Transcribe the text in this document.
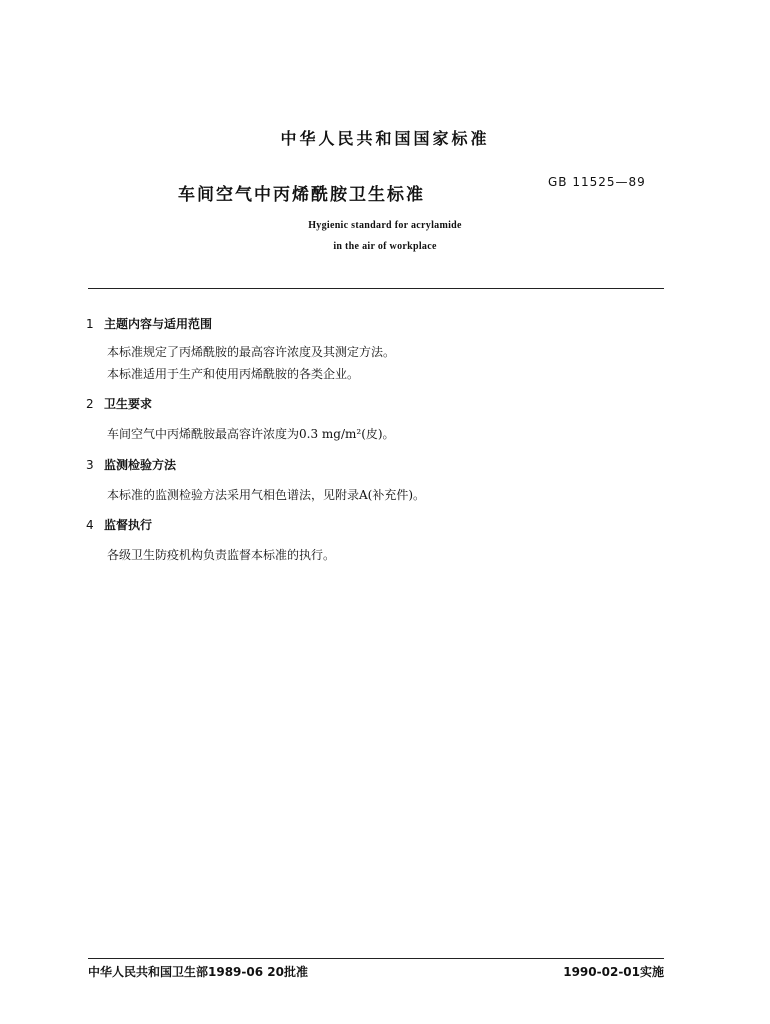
中华人民共和国国家标准
车间空气中丙烯酰胺卫生标准
GB 11525—89
Hygienic standard for acrylamide
in the air of workplace
1 主题内容与适用范围
本标准规定了丙烯酰胺的最高容许浓度及其测定方法。
本标准适用于生产和使用丙烯酰胺的各类企业。
2 卫生要求
车间空气中丙烯酰胺最高容许浓度为0.3 mg/m²(皮)。
3 监测检验方法
本标准的监测检验方法采用气相色谱法，见附录A(补充件)。
4 监督执行
各级卫生防疫机构负责监督本标准的执行。
中华人民共和国卫生部1989-06 20批准	1990-02-01实施
